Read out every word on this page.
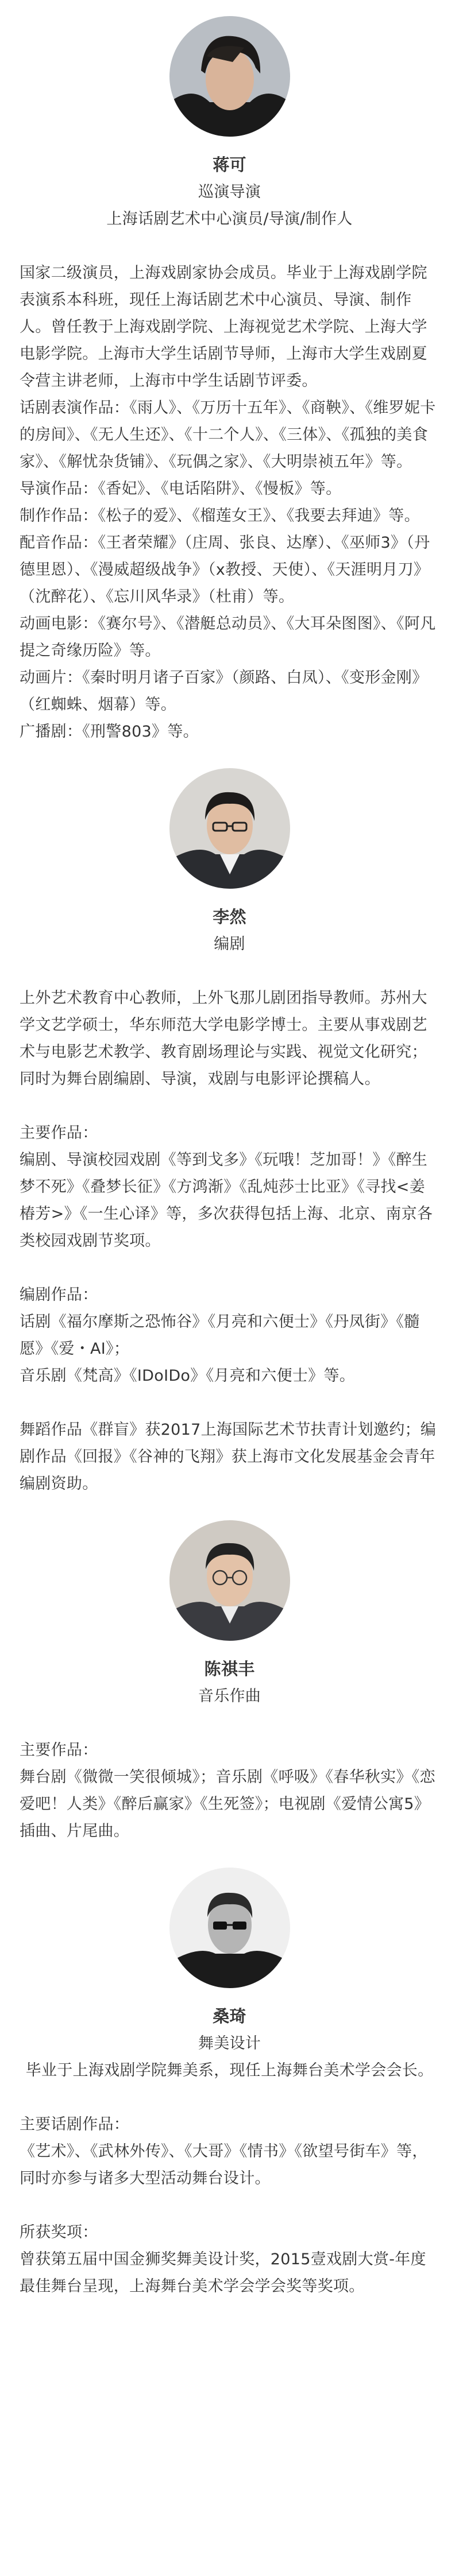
蒋可
巡演导演
上海话剧艺术中心演员/导演/制作人

国家二级演员，上海戏剧家协会成员。毕业于上海戏剧学院表演系本科班，现任上海话剧艺术中心演员、导演、制作人。曾任教于上海戏剧学院、上海视觉艺术学院、上海大学电影学院。上海市大学生话剧节导师，上海市大学生戏剧夏令营主讲老师，上海市中学生话剧节评委。

话剧表演作品：《雨人》、《万历十五年》、《商鞅》、《维罗妮卡的房间》、《无人生还》、《十二个人》、《三体》、《孤独的美食家》、《解忧杂货铺》、《玩偶之家》、《大明崇祯五年》等。

导演作品：《香妃》、《电话陷阱》、《慢板》等。

制作作品：《松子的爱》、《榴莲女王》、《我要去拜迪》等。

配音作品：《王者荣耀》（庄周、张良、达摩）、《巫师3》（丹德里恩）、《漫威超级战争》（x教授、天使）、《天涯明月刀》（沈醉花）、《忘川风华录》（杜甫）等。

动画电影：《赛尔号》、《潜艇总动员》、《大耳朵图图》、《阿凡提之奇缘历险》等。

动画片：《秦时明月诸子百家》（颜路、白凤）、《变形金刚》（红蜘蛛、烟幕）等。

广播剧：《刑警803》等。

李然
编剧

上外艺术教育中心教师，上外飞那儿剧团指导教师。苏州大学文艺学硕士，华东师范大学电影学博士。主要从事戏剧艺术与电影艺术教学、教育剧场理论与实践、视觉文化研究；同时为舞台剧编剧、导演，戏剧与电影评论撰稿人。

主要作品：

编剧、导演校园戏剧《等到戈多》《玩哦！芝加哥！》《醉生梦不死》《叠梦长征》《方鸿渐》《乱炖莎士比亚》《寻找<姜椿芳>》《一生心译》等，多次获得包括上海、北京、南京各类校园戏剧节奖项。

编剧作品：

话剧《福尔摩斯之恐怖谷》《月亮和六便士》《丹凤街》《髓愿》《爱・AI》；

音乐剧《梵高》《IDoIDo》《月亮和六便士》等。

舞蹈作品《群盲》获2017上海国际艺术节扶青计划邀约；编剧作品《回报》《谷神的飞翔》获上海市文化发展基金会青年编剧资助。

陈祺丰
音乐作曲

主要作品：

舞台剧《微微一笑很倾城》；音乐剧《呼吸》《春华秋实》《恋爱吧！人类》《醉后赢家》《生死签》；电视剧《爱情公寓5》插曲、片尾曲。

桑琦
舞美设计
毕业于上海戏剧学院舞美系，现任上海舞台美术学会会长。

主要话剧作品：

《艺术》、《武林外传》、《大哥》《情书》《欲望号街车》等，同时亦参与诸多大型活动舞台设计。

所获奖项：

曾获第五届中国金狮奖舞美设计奖，2015壹戏剧大赏-年度最佳舞台呈现，上海舞台美术学会学会奖等奖项。
